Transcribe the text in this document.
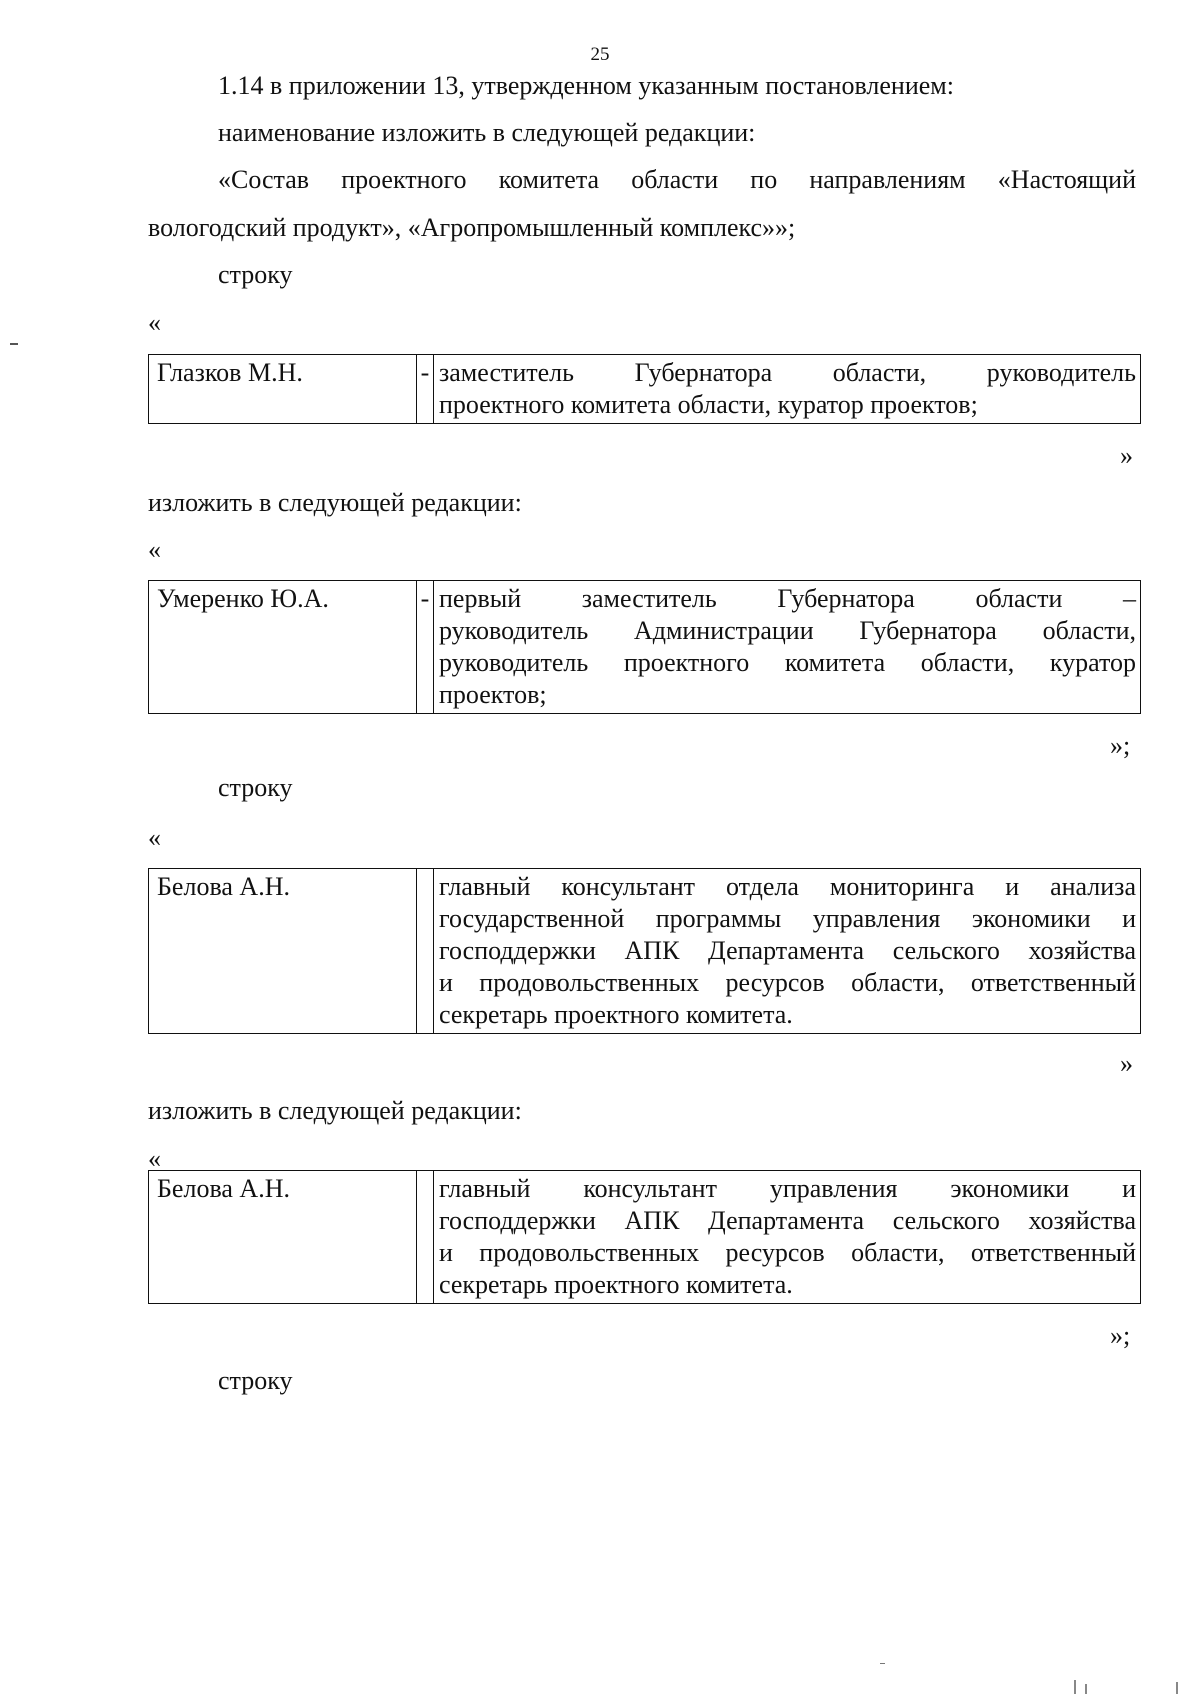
25
1.14 в приложении 13, утвержденном указанным постановлением:
наименование изложить в следующей редакции:
«Состав проектного комитета области по направлениям «Настоящий
вологодский продукт», «Агропромышленный комплекс»»;
строку
«
Глазков М.Н.	-	заместитель Губернатора области, руководитель
проектного комитета области, куратор проектов;
»
изложить в следующей редакции:
«
Умеренко Ю.А.	-	первый заместитель Губернатора области –
руководитель Администрации Губернатора области,
руководитель проектного комитета области, куратор
проектов;
»;
строку
«
Белова А.Н.		главный консультант отдела мониторинга и анализа
государственной программы управления экономики и
господдержки АПК Департамента сельского хозяйства
и продовольственных ресурсов области, ответственный
секретарь проектного комитета.
»
изложить в следующей редакции:
«
Белова А.Н.		главный консультант управления экономики и
господдержки АПК Департамента сельского хозяйства
и продовольственных ресурсов области, ответственный
секретарь проектного комитета.
»;
строку
